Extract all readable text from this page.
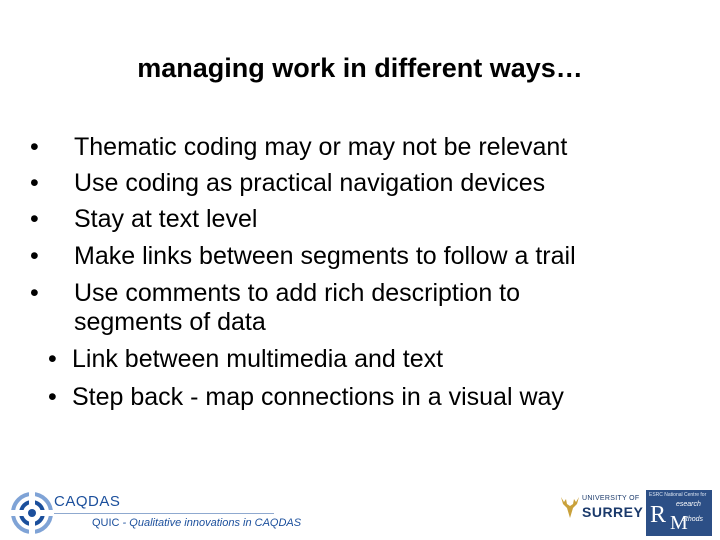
managing work in different ways…
• Thematic coding may or may not be relevant
• Use coding as practical navigation devices
• Stay at text level
• Make links between segments to follow a trail
• Use comments to add rich description to
segments of data
• Link between multimedia and text
• Step back - map connections in a visual way
CAQDAS
QUIC - Qualitative innovations in CAQDAS
UNIVERSITY OF
SURREY
ESRC National Centre for
R esearch
M
ethods
